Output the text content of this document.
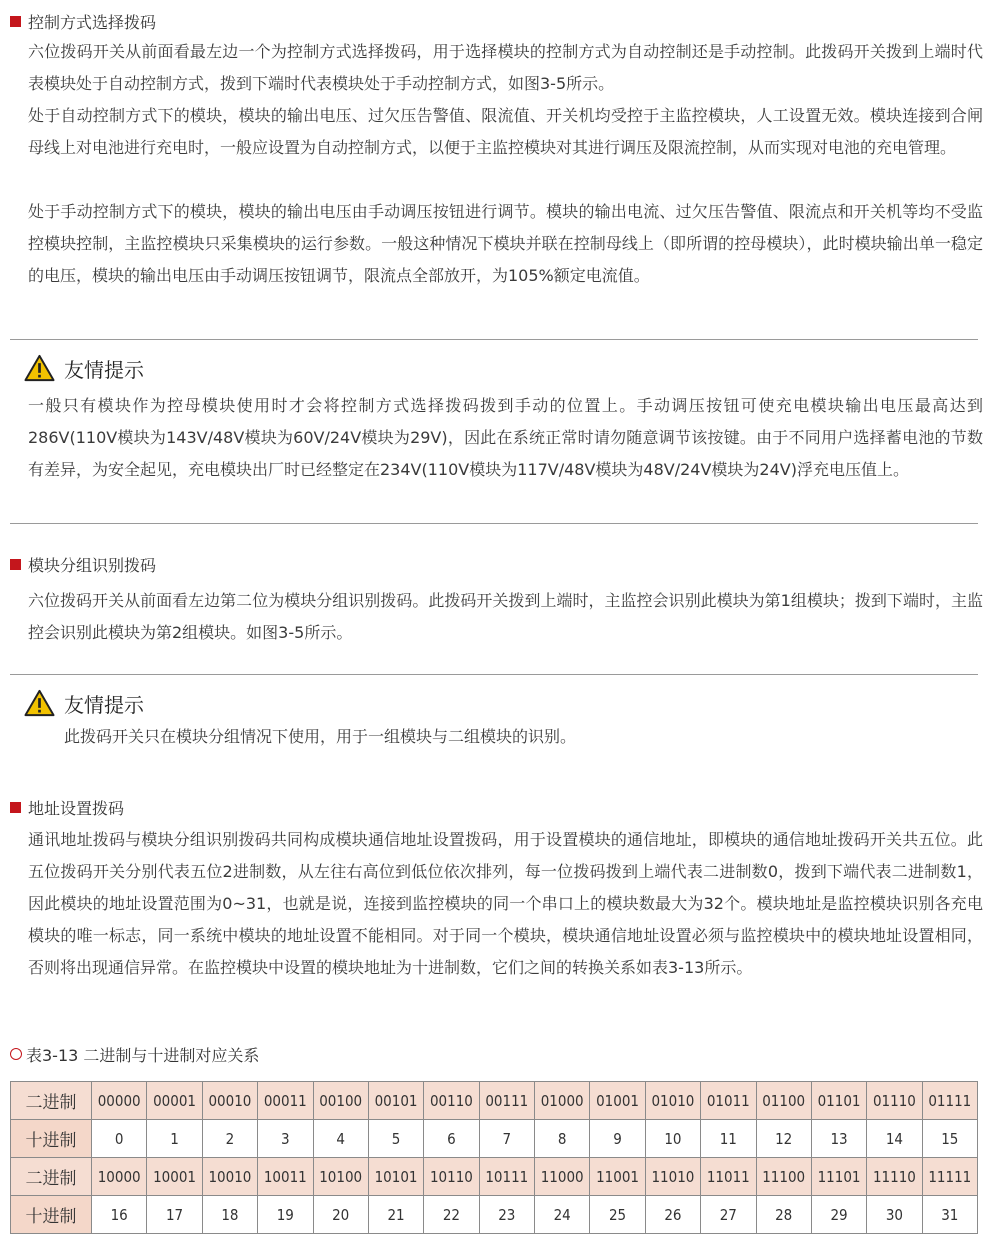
控制方式选择拨码

六位拨码开关从前面看最左边一个为控制方式选择拨码，用于选择模块的控制方式为自动控制还是手动控制。此拨码开关拨到上端时代表模块处于自动控制方式，拨到下端时代表模块处于手动控制方式，如图3-5所示。

处于自动控制方式下的模块，模块的输出电压、过欠压告警值、限流值、开关机均受控于主监控模块，人工设置无效。模块连接到合闸母线上对电池进行充电时，一般应设置为自动控制方式，以便于主监控模块对其进行调压及限流控制，从而实现对电池的充电管理。

处于手动控制方式下的模块，模块的输出电压由手动调压按钮进行调节。模块的输出电流、过欠压告警值、限流点和开关机等均不受监控模块控制，主监控模块只采集模块的运行参数。一般这种情况下模块并联在控制母线上（即所谓的控母模块），此时模块输出单一稳定的电压，模块的输出电压由手动调压按钮调节，限流点全部放开，为105%额定电流值。

友情提示

一般只有模块作为控母模块使用时才会将控制方式选择拨码拨到手动的位置上。手动调压按钮可使充电模块输出电压最高达到286V(110V模块为143V/48V模块为60V/24V模块为29V)，因此在系统正常时请勿随意调节该按键。由于不同用户选择蓄电池的节数有差异，为安全起见，充电模块出厂时已经整定在234V(110V模块为117V/48V模块为48V/24V模块为24V)浮充电压值上。

模块分组识别拨码

六位拨码开关从前面看左边第二位为模块分组识别拨码。此拨码开关拨到上端时，主监控会识别此模块为第1组模块；拨到下端时，主监控会识别此模块为第2组模块。如图3-5所示。

友情提示

此拨码开关只在模块分组情况下使用，用于一组模块与二组模块的识别。

地址设置拨码

通讯地址拨码与模块分组识别拨码共同构成模块通信地址设置拨码，用于设置模块的通信地址，即模块的通信地址拨码开关共五位。此五位拨码开关分别代表五位2进制数，从左往右高位到低位依次排列，每一位拨码拨到上端代表二进制数0，拨到下端代表二进制数1，因此模块的地址设置范围为0~31，也就是说，连接到监控模块的同一个串口上的模块数最大为32个。模块地址是监控模块识别各充电模块的唯一标志，同一系统中模块的地址设置不能相同。对于同一个模块，模块通信地址设置必须与监控模块中的模块地址设置相同，否则将出现通信异常。在监控模块中设置的模块地址为十进制数，它们之间的转换关系如表3-13所示。

表3-13 二进制与十进制对应关系
二进制	00000	00001	00010	00011	00100	00101	00110	00111	01000	01001	01010	01011	01100	01101	01110	01111
十进制	0	1	2	3	4	5	6	7	8	9	10	11	12	13	14	15
二进制	10000	10001	10010	10011	10100	10101	10110	10111	11000	11001	11010	11011	11100	11101	11110	11111
十进制	16	17	18	19	20	21	22	23	24	25	26	27	28	29	30	31
